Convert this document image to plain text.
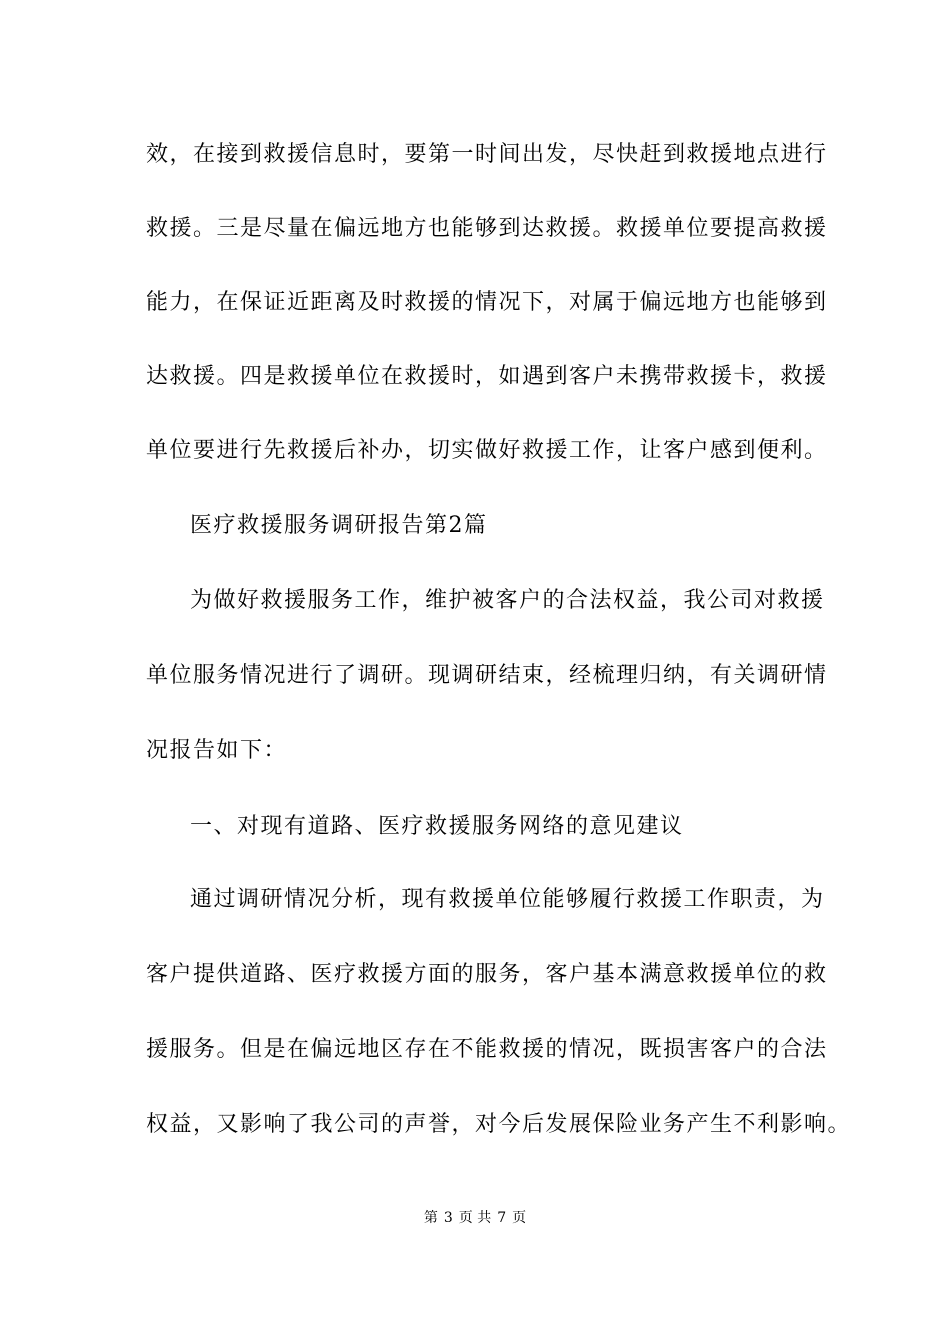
效，在接到救援信息时，要第一时间出发，尽快赶到救援地点进行

救援。三是尽量在偏远地方也能够到达救援。救援单位要提高救援

能力，在保证近距离及时救援的情况下，对属于偏远地方也能够到

达救援。四是救援单位在救援时，如遇到客户未携带救援卡，救援

单位要进行先救援后补办，切实做好救援工作，让客户感到便利。

医疗救援服务调研报告第2篇

为做好救援服务工作，维护被客户的合法权益，我公司对救援

单位服务情况进行了调研。现调研结束，经梳理归纳，有关调研情

况报告如下：

一、对现有道路、医疗救援服务网络的意见建议

通过调研情况分析，现有救援单位能够履行救援工作职责，为

客户提供道路、医疗救援方面的服务，客户基本满意救援单位的救

援服务。但是在偏远地区存在不能救援的情况，既损害客户的合法

权益，又影响了我公司的声誉，对今后发展保险业务产生不利影响。

第 3 页 共 7 页
